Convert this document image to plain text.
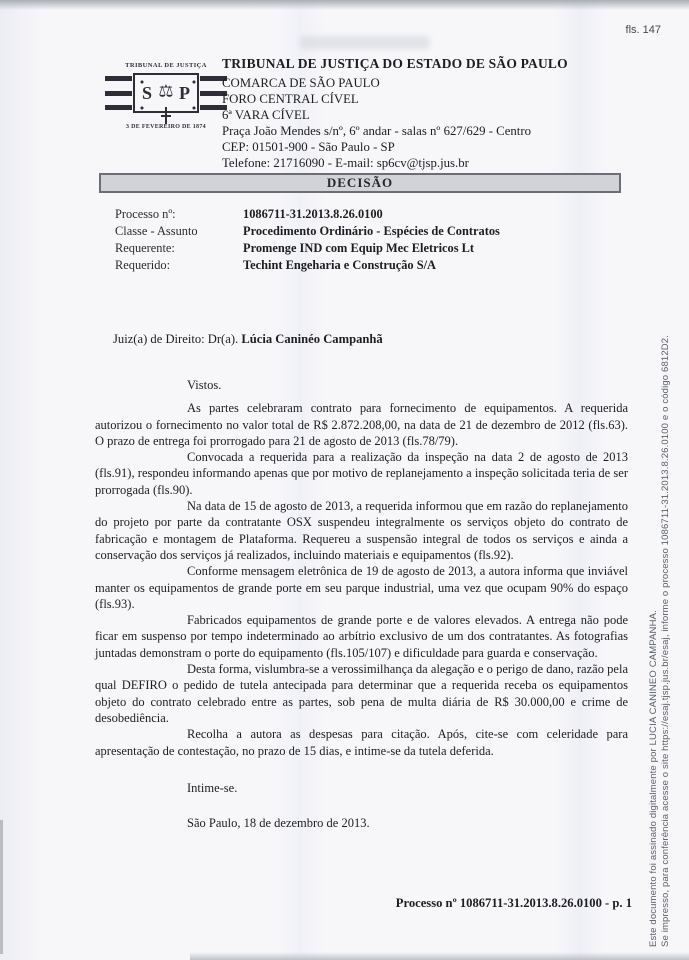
fls. 147
TRIBUNAL DE JUSTIÇA
S P
⚖
3 DE FEVEREIRO DE 1874
TRIBUNAL DE JUSTIÇA DO ESTADO DE SÃO PAULO
COMARCA DE SÃO PAULO
FORO CENTRAL CÍVEL
6ª VARA CÍVEL
Praça João Mendes s/nº, 6º andar - salas nº 627/629 - Centro
CEP: 01501-900 - São Paulo - SP
Telefone: 21716090 - E-mail: sp6cv@tjsp.jus.br
DECISÃO
Processo nº:	1086711-31.2013.8.26.0100
Classe - Assunto	Procedimento Ordinário - Espécies de Contratos
Requerente:	Promenge IND com Equip Mec Eletricos Lt
Requerido:	Techint Engeharia e Construção S/A
Juiz(a) de Direito: Dr(a). Lúcia Caninéo Campanhã

Vistos.

As partes celebraram contrato para fornecimento de equipamentos. A requerida autorizou o fornecimento no valor total de R$ 2.872.208,00, na data de 21 de dezembro de 2012 (fls.63). O prazo de entrega foi prorrogado para 21 de agosto de 2013 (fls.78/79).

Convocada a requerida para a realização da inspeção na data 2 de agosto de 2013 (fls.91), respondeu informando apenas que por motivo de replanejamento a inspeção solicitada teria de ser prorrogada (fls.90).

Na data de 15 de agosto de 2013, a requerida informou que em razão do replanejamento do projeto por parte da contratante OSX suspendeu integralmente os serviços objeto do contrato de fabricação e montagem de Plataforma. Requereu a suspensão integral de todos os serviços e ainda a conservação dos serviços já realizados, incluindo materiais e equipamentos (fls.92).

Conforme mensagem eletrônica de 19 de agosto de 2013, a autora informa que inviável manter os equipamentos de grande porte em seu parque industrial, uma vez que ocupam 90% do espaço (fls.93).

Fabricados equipamentos de grande porte e de valores elevados. A entrega não pode ficar em suspenso por tempo indeterminado ao arbítrio exclusivo de um dos contratantes. As fotografias juntadas demonstram o porte do equipamento (fls.105/107) e dificuldade para guarda e conservação.

Desta forma, vislumbra-se a verossimilhança da alegação e o perigo de dano, razão pela qual DEFIRO o pedido de tutela antecipada para determinar que a requerida receba os equipamentos objeto do contrato celebrado entre as partes, sob pena de multa diária de R$ 30.000,00 e crime de desobediência.

Recolha a autora as despesas para citação. Após, cite-se com celeridade para apresentação de contestação, no prazo de 15 dias, e intime-se da tutela deferida.

Intime-se.

São Paulo, 18 de dezembro de 2013.

Processo nº 1086711-31.2013.8.26.0100 - p. 1 Este documento foi assinado digitalmente por LUCIA CANINEO CAMPANHA. Se impresso, para conferência acesse o site https://esaj.tjsp.jus.br/esaj, informe o processo 1086711-31.2013.8.26.0100 e o código 6812D2.
